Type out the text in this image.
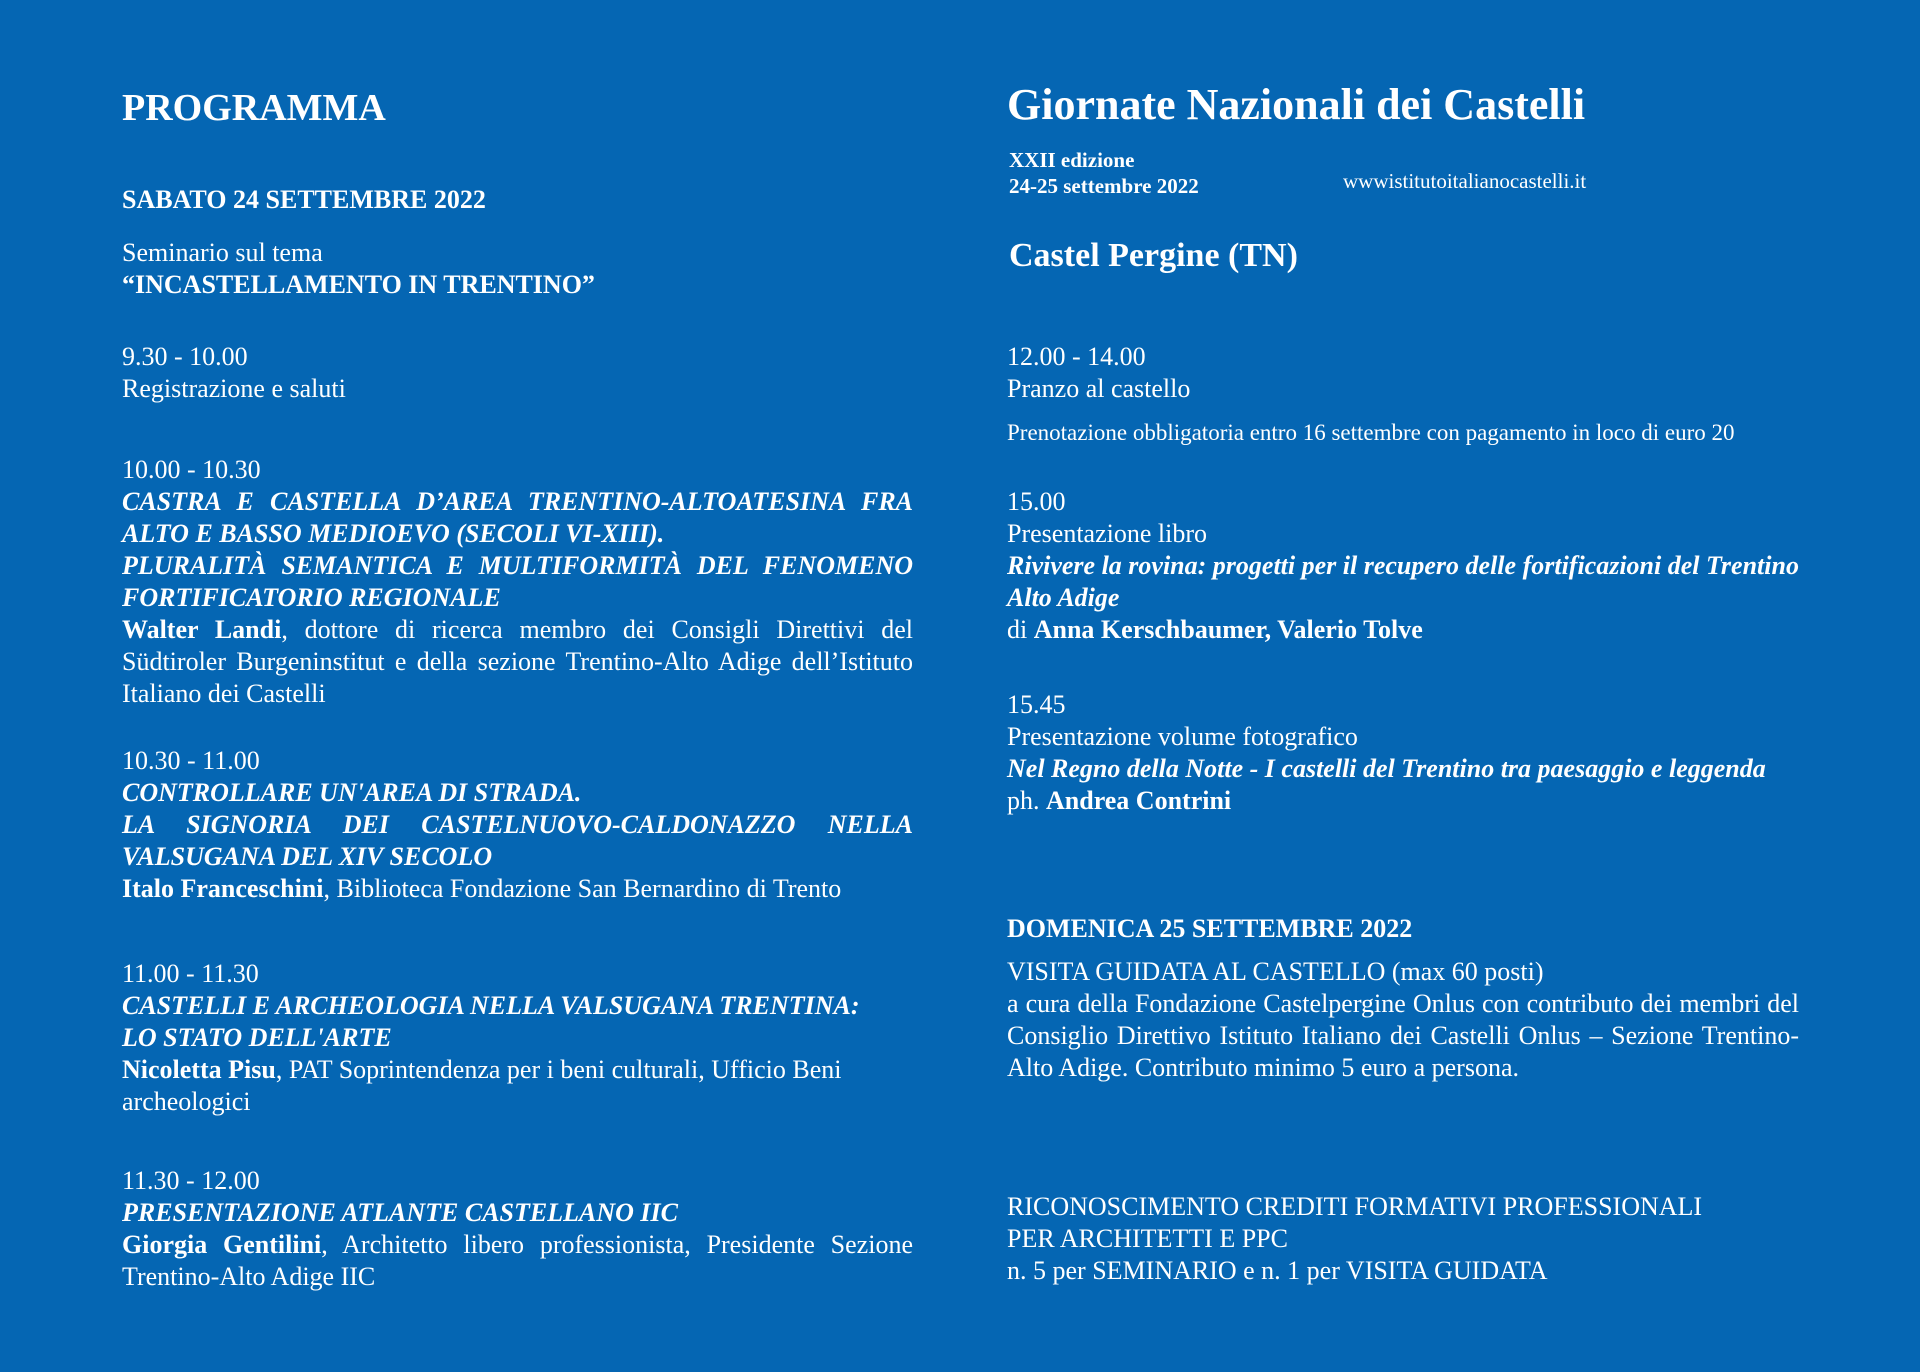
PROGRAMMA
SABATO 24 SETTEMBRE 2022
Seminario sul tema
“INCASTELLAMENTO IN TRENTINO”
9.30 - 10.00
Registrazione e saluti
10.00 - 10.30
CASTRA E CASTELLA D’AREA TRENTINO-ALTOATESINA FRA
ALTO E BASSO MEDIOEVO (SECOLI VI-XIII).
PLURALITÀ SEMANTICA E MULTIFORMITÀ DEL FENOMENO
FORTIFICATORIO REGIONALE
Walter Landi, dottore di ricerca membro dei Consigli Direttivi del Südtiroler Burgeninstitut e della sezione Trentino-Alto Adige dell’Istituto Italiano dei Castelli
10.30 - 11.00
CONTROLLARE UN'AREA DI STRADA.
LA SIGNORIA DEI CASTELNUOVO-CALDONAZZO NELLA
VALSUGANA DEL XIV SECOLO
Italo Franceschini, Biblioteca Fondazione San Bernardino di Trento
11.00 - 11.30
CASTELLI E ARCHEOLOGIA NELLA VALSUGANA TRENTINA:
LO STATO DELL'ARTE
Nicoletta Pisu, PAT Soprintendenza per i beni culturali, Ufficio Beni archeologici
11.30 - 12.00
PRESENTAZIONE ATLANTE CASTELLANO IIC
Giorgia Gentilini, Architetto libero professionista, Presidente Sezione Trentino-Alto Adige IIC
Giornate Nazionali dei Castelli
XXII edizione
24-25 settembre 2022	wwwistitutoitalianocastelli.it
Castel Pergine (TN)
12.00 - 14.00
Pranzo al castello
Prenotazione obbligatoria entro 16 settembre con pagamento in loco di euro 20
15.00
Presentazione libro
Rivivere la rovina: progetti per il recupero delle fortificazioni del Trentino Alto Adige
di Anna Kerschbaumer, Valerio Tolve
15.45
Presentazione volume fotografico
Nel Regno della Notte - I castelli del Trentino tra paesaggio e leggenda
ph. Andrea Contrini
DOMENICA 25 SETTEMBRE 2022
VISITA GUIDATA AL CASTELLO (max 60 posti)
a cura della Fondazione Castelpergine Onlus con contributo dei membri del Consiglio Direttivo Istituto Italiano dei Castelli Onlus – Sezione Trentino-Alto Adige. Contributo minimo 5 euro a persona.
RICONOSCIMENTO CREDITI FORMATIVI PROFESSIONALI
PER ARCHITETTI E PPC
n. 5 per SEMINARIO e n. 1 per VISITA GUIDATA
